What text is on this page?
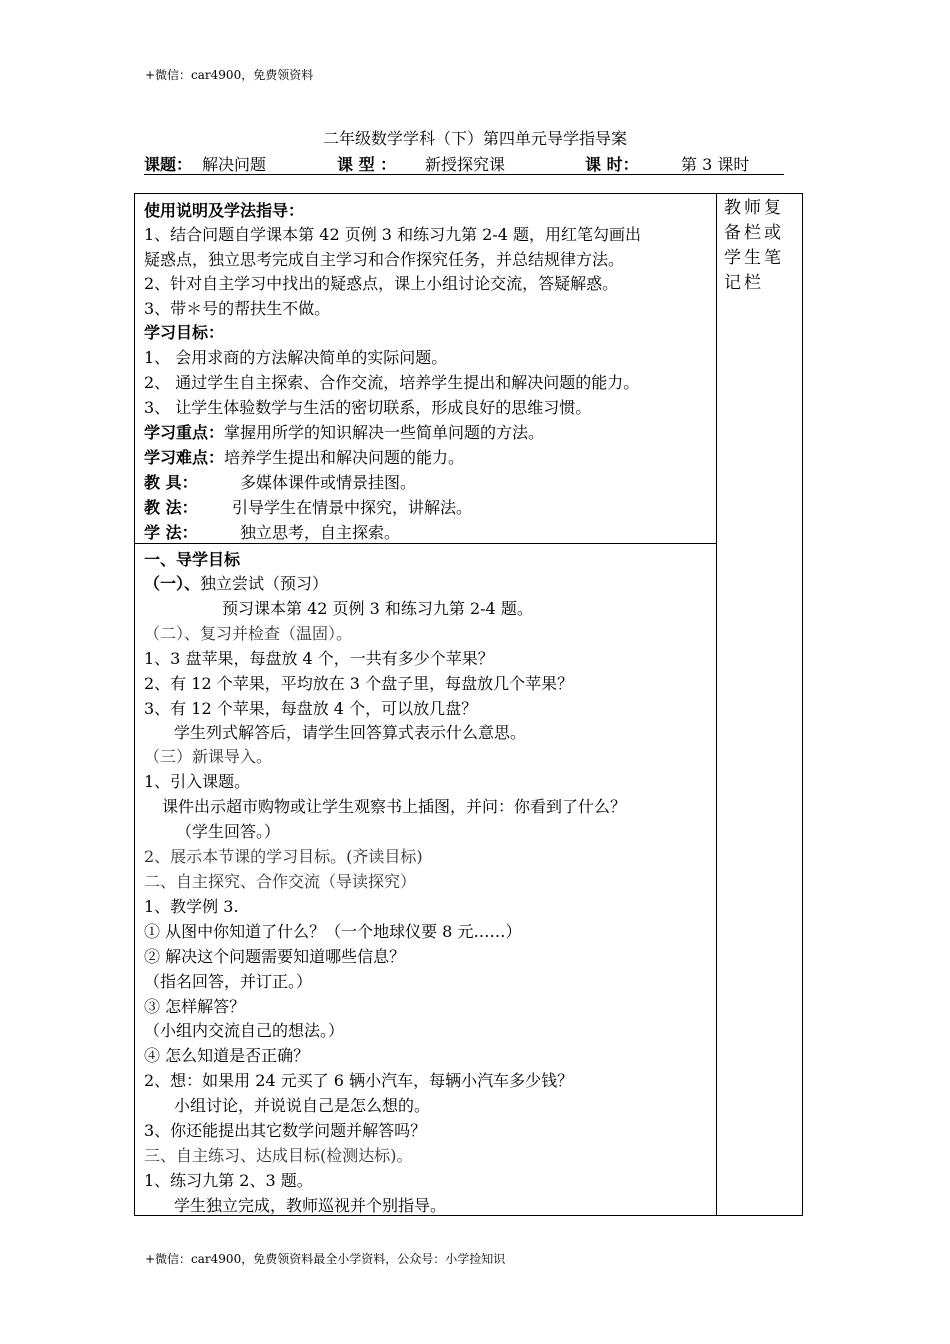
+微信：car4900，免费领资料
二年级数学学科（下）第四单元导学指导案
课题： 解决问题	课 型 ： 新授探究课	课 时：	第 3 课时
教师复
备栏或
学生笔
记栏
使用说明及学法指导：
1、结合问题自学课本第 42 页例 3 和练习九第 2-4 题，用红笔勾画出
疑惑点，独立思考完成自主学习和合作探究任务，并总结规律方法。
2、针对自主学习中找出的疑惑点，课上小组讨论交流，答疑解惑。
3、带＊号的帮扶生不做。
学习目标：
1、 会用求商的方法解决简单的实际问题。
2、 通过学生自主探索、合作交流，培养学生提出和解决问题的能力。
3、 让学生体验数学与生活的密切联系，形成良好的思维习惯。
学习重点：掌握用所学的知识解决一些简单问题的方法。
学习难点：培养学生提出和解决问题的能力。
教 具：	多媒体课件或情景挂图。
教 法： 引导学生在情景中探究，讲解法。
学 法：	独立思考，自主探索。
一、导学目标
（一）、独立尝试（预习）
预习课本第 42 页例 3 和练习九第 2-4 题。
（二）、复习并检查（温固）。
1、3 盘苹果，每盘放 4 个，一共有多少个苹果？
2、有 12 个苹果，平均放在 3 个盘子里，每盘放几个苹果？
3、有 12 个苹果，每盘放 4 个，可以放几盘？
学生列式解答后，请学生回答算式表示什么意思。
（三）新课导入。
1、引入课题。
课件出示超市购物或让学生观察书上插图，并问：你看到了什么？
（学生回答。）
2、展示本节课的学习目标。(齐读目标)
二、自主探究、合作交流（导读探究）
1、教学例 3.
① 从图中你知道了什么？（一个地球仪要 8 元……）
② 解决这个问题需要知道哪些信息？
（指名回答，并订正。）
③ 怎样解答？
（小组内交流自己的想法。）
④ 怎么知道是否正确？
2、想：如果用 24 元买了 6 辆小汽车，每辆小汽车多少钱？
小组讨论，并说说自己是怎么想的。
3、你还能提出其它数学问题并解答吗？
三、自主练习、达成目标(检测达标)。
1、练习九第 2、3 题。
学生独立完成，教师巡视并个别指导。
+微信：car4900，免费领资料最全小学资料，公众号：小学捡知识
